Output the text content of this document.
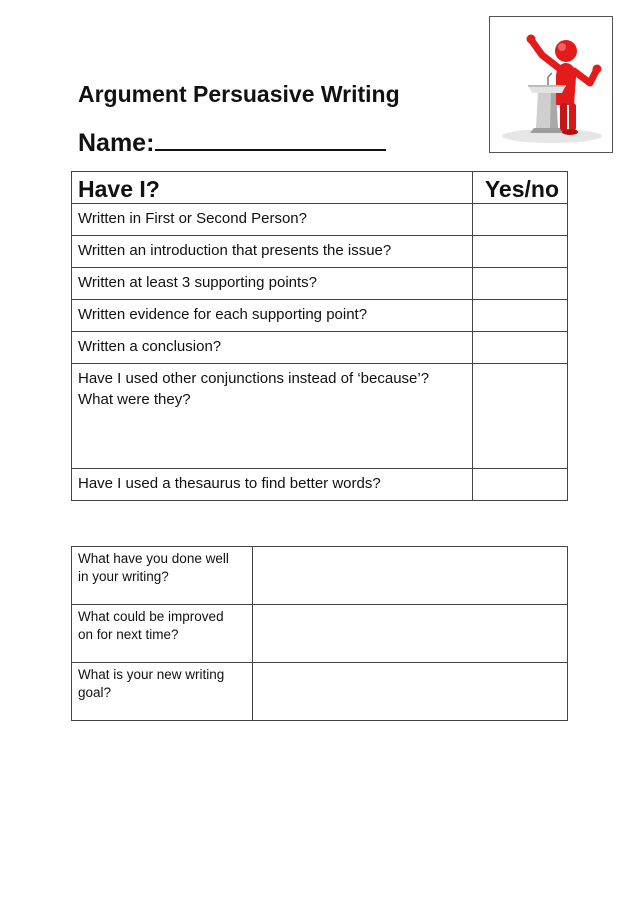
Argument Persuasive Writing
Name:
Have I?	Yes/no

Written in First or Second Person?	

Written an introduction that presents the issue?	

Written at least 3 supporting points?	

Written evidence for each supporting point?	

Written a conclusion?	

Have I used other conjunctions instead of ‘because’?
What were they?	

Have I used a thesaurus to find better words?	

What have you done well
in your writing?	

What could be improved
on for next time?	

What is your new writing
goal?	
